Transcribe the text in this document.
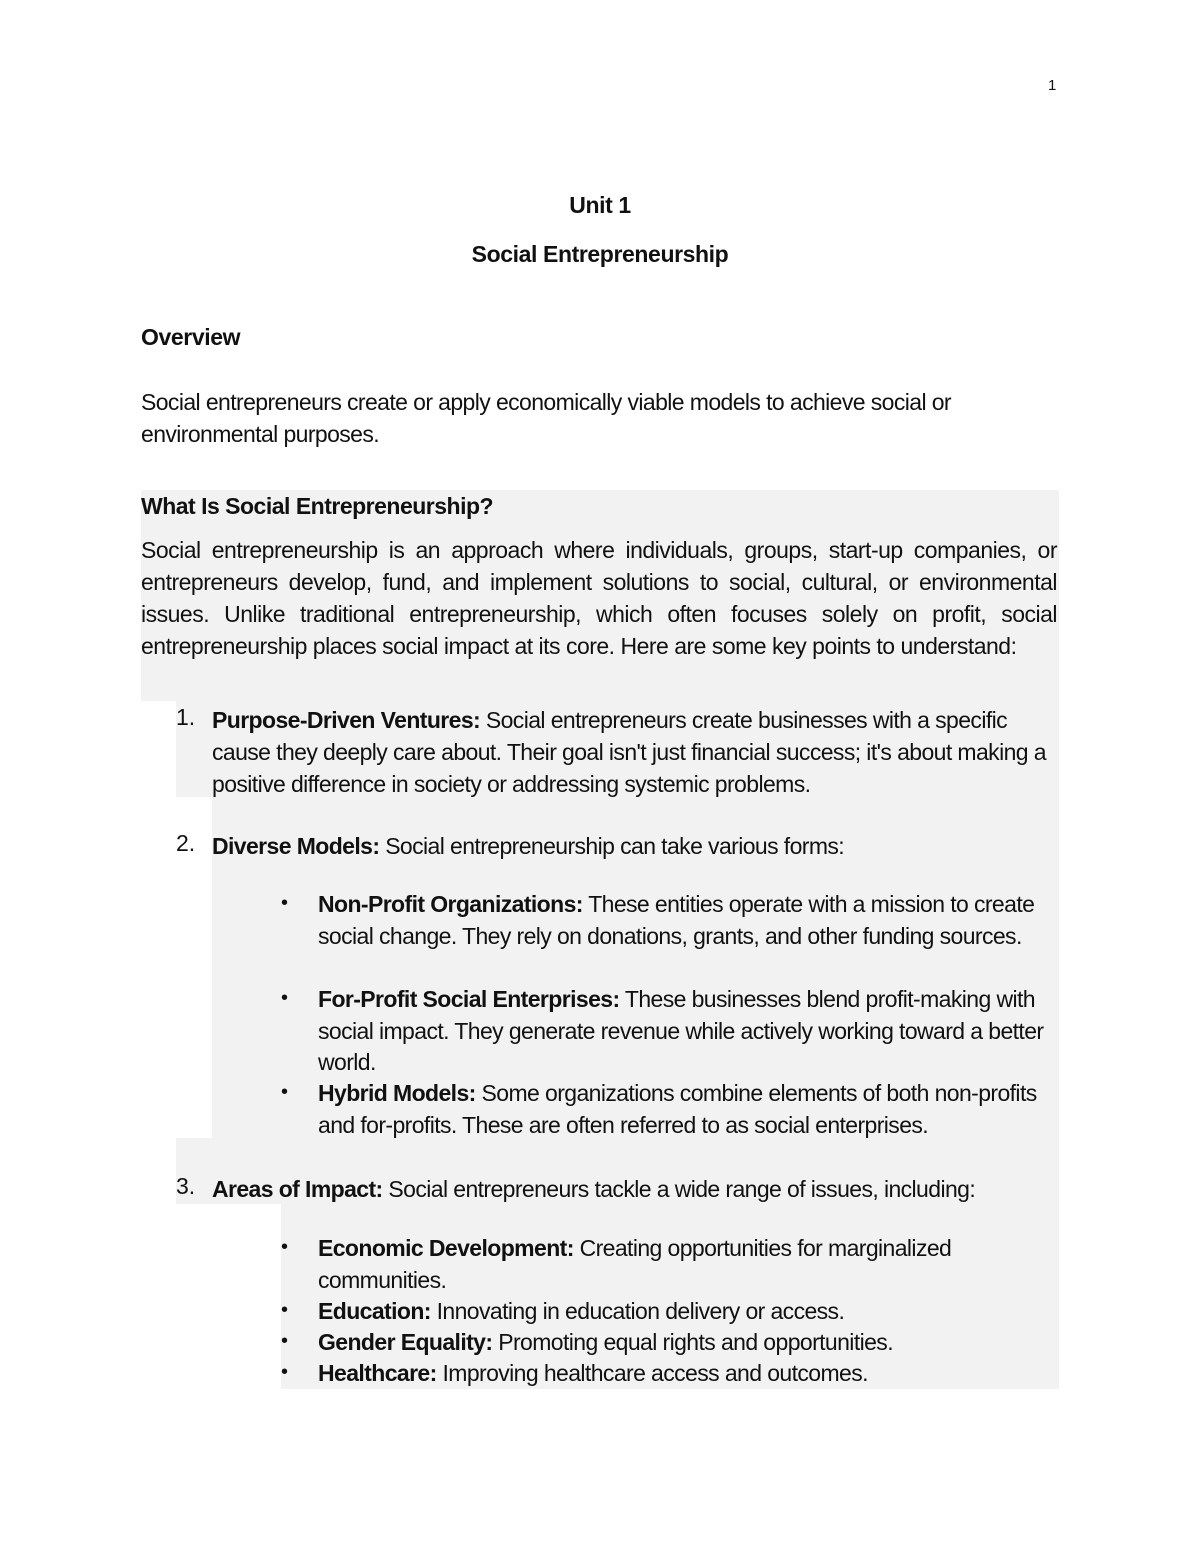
1
Unit 1
Social Entrepreneurship
Overview
Social entrepreneurs create or apply economically viable models to achieve social or environmental purposes.
What Is Social Entrepreneurship?
Social entrepreneurship is an approach where individuals, groups, start-up companies, or entrepreneurs develop, fund, and implement solutions to social, cultural, or environmental issues. Unlike traditional entrepreneurship, which often focuses solely on profit, social entrepreneurship places social impact at its core. Here are some key points to understand:
1. Purpose-Driven Ventures: Social entrepreneurs create businesses with a specific cause they deeply care about. Their goal isn't just financial success; it's about making a positive difference in society or addressing systemic problems.
2. Diverse Models: Social entrepreneurship can take various forms:
• Non-Profit Organizations: These entities operate with a mission to create social change. They rely on donations, grants, and other funding sources.
• For-Profit Social Enterprises: These businesses blend profit-making with social impact. They generate revenue while actively working toward a better world.
• Hybrid Models: Some organizations combine elements of both non-profits and for-profits. These are often referred to as social enterprises.
3. Areas of Impact: Social entrepreneurs tackle a wide range of issues, including:
• Economic Development: Creating opportunities for marginalized communities.
• Education: Innovating in education delivery or access.
• Gender Equality: Promoting equal rights and opportunities.
• Healthcare: Improving healthcare access and outcomes.
